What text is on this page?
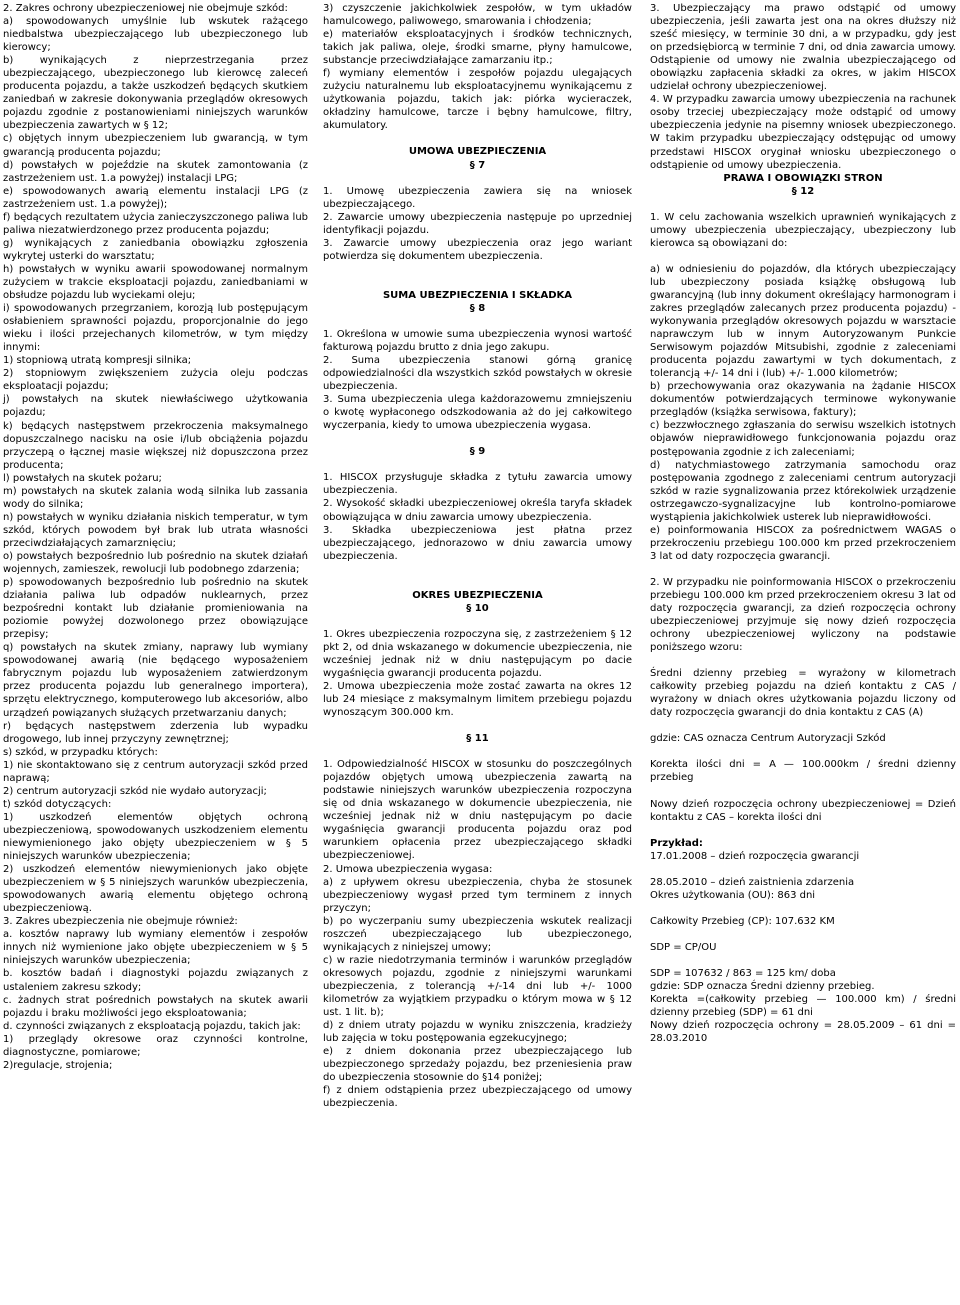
2. Zakres ochrony ubezpieczeniowej nie obejmuje szkód:

a) spowodowanych umyślnie lub wskutek rażącego niedbalstwa ubezpieczającego lub ubezpieczonego lub kierowcy;

b) wynikających z nieprzestrzegania przez ubezpieczającego, ubezpieczonego lub kierowcę zaleceń producenta pojazdu, a także uszkodzeń będących skutkiem zaniedbań w zakresie dokonywania przeglądów okresowych pojazdu zgodnie z postanowieniami niniejszych warunków ubezpieczenia zawartych w § 12;

c) objętych innym ubezpieczeniem lub gwarancją, w tym gwarancją producenta pojazdu;

d) powstałych w pojeździe na skutek zamontowania (z zastrzeżeniem ust. 1.a powyżej) instalacji LPG;

e) spowodowanych awarią elementu instalacji LPG (z zastrzeżeniem ust. 1.a powyżej);

f) będących rezultatem użycia zanieczyszczonego paliwa lub paliwa niezatwierdzonego przez producenta pojazdu;

g) wynikających z zaniedbania obowiązku zgłoszenia wykrytej usterki do warsztatu;

h) powstałych w wyniku awarii spowodowanej normalnym zużyciem w trakcie eksploatacji pojazdu, zaniedbaniami w obsłudze pojazdu lub wyciekami oleju;

i) spowodowanych przegrzaniem, korozją lub postępującym osłabieniem sprawności pojazdu, proporcjonalnie do jego wieku i ilości przejechanych kilometrów, w tym między innymi:

1) stopniową utratą kompresji silnika;

2) stopniowym zwiększeniem zużycia oleju podczas eksploatacji pojazdu;

j) powstałych na skutek niewłaściwego użytkowania pojazdu;

k) będących następstwem przekroczenia maksymalnego dopuszczalnego nacisku na osie i/lub obciążenia pojazdu przyczepą o łącznej masie większej niż dopuszczona przez producenta;

l) powstałych na skutek pożaru;

m) powstałych na skutek zalania wodą silnika lub zassania wody do silnika;

n) powstałych w wyniku działania niskich temperatur, w tym szkód, których powodem był brak lub utrata własności przeciwdziałających zamarznięciu;

o) powstałych bezpośrednio lub pośrednio na skutek działań wojennych, zamieszek, rewolucji lub podobnego zdarzenia;

p) spowodowanych bezpośrednio lub pośrednio na skutek działania paliwa lub odpadów nuklearnych, przez bezpośredni kontakt lub działanie promieniowania na poziomie powyżej dozwolonego przez obowiązujące przepisy;

q) powstałych na skutek zmiany, naprawy lub wymiany spowodowanej awarią (nie będącego wyposażeniem fabrycznym pojazdu lub wyposażeniem zatwierdzonym przez producenta pojazdu lub generalnego importera), sprzętu elektrycznego, komputerowego lub akcesoriów, albo urządzeń powiązanych służących przetwarzaniu danych;

r) będących następstwem zderzenia lub wypadku drogowego, lub innej przyczyny zewnętrznej;

s) szkód, w przypadku których:

1) nie skontaktowano się z centrum autoryzacji szkód przed naprawą;

2) centrum autoryzacji szkód nie wydało autoryzacji;

t) szkód dotyczących:

1) uszkodzeń elementów objętych ochroną ubezpieczeniową, spowodowanych uszkodzeniem elementu niewymienionego jako objęty ubezpieczeniem w § 5 niniejszych warunków ubezpieczenia;

2) uszkodzeń elementów niewymienionych jako objęte ubezpieczeniem w § 5 niniejszych warunków ubezpieczenia, spowodowanych awarią elementu objętego ochroną ubezpieczeniową.

3. Zakres ubezpieczenia nie obejmuje również:

a. kosztów naprawy lub wymiany elementów i zespołów innych niż wymienione jako objęte ubezpieczeniem w § 5 niniejszych warunków ubezpieczenia;

b. kosztów badań i diagnostyki pojazdu związanych z ustaleniem zakresu szkody;

c. żadnych strat pośrednich powstałych na skutek awarii pojazdu i braku możliwości jego eksploatowania;

d. czynności związanych z eksploatacją pojazdu, takich jak:

1) przeglądy okresowe oraz czynności kontrolne, diagnostyczne, pomiarowe;

2)regulacje, strojenia;

3) czyszczenie jakichkolwiek zespołów, w tym układów hamulcowego, paliwowego, smarowania i chłodzenia;

e) materiałów eksploatacyjnych i środków technicznych, takich jak paliwa, oleje, środki smarne, płyny hamulcowe, substancje przeciwdziałające zamarzaniu itp.;

f) wymiany elementów i zespołów pojazdu ulegających zużyciu naturalnemu lub eksploatacyjnemu wynikającemu z użytkowania pojazdu, takich jak: piórka wycieraczek, okładziny hamulcowe, tarcze i bębny hamulcowe, filtry, akumulatory.

UMOWA UBEZPIECZENIA

§ 7

1. Umowę ubezpieczenia zawiera się na wniosek ubezpieczającego.

2. Zawarcie umowy ubezpieczenia następuje po uprzedniej identyfikacji pojazdu.

3. Zawarcie umowy ubezpieczenia oraz jego wariant potwierdza się dokumentem ubezpieczenia.

SUMA UBEZPIECZENIA I SKŁADKA

§ 8

1. Określona w umowie suma ubezpieczenia wynosi wartość fakturową pojazdu brutto z dnia jego zakupu.

2. Suma ubezpieczenia stanowi górną granicę odpowiedzialności dla wszystkich szkód powstałych w okresie ubezpieczenia.

3. Suma ubezpieczenia ulega każdorazowemu zmniejszeniu o kwotę wypłaconego odszkodowania aż do jej całkowitego wyczerpania, kiedy to umowa ubezpieczenia wygasa.

§ 9

1. HISCOX przysługuje składka z tytułu zawarcia umowy ubezpieczenia.

2. Wysokość składki ubezpieczeniowej określa taryfa składek obowiązująca w dniu zawarcia umowy ubezpieczenia.

3. Składka ubezpieczeniowa jest płatna przez ubezpieczającego, jednorazowo w dniu zawarcia umowy ubezpieczenia.

OKRES UBEZPIECZENIA

§ 10

1. Okres ubezpieczenia rozpoczyna się, z zastrzeżeniem § 12 pkt 2, od dnia wskazanego w dokumencie ubezpieczenia, nie wcześniej jednak niż w dniu następującym po dacie wygaśnięcia gwarancji producenta pojazdu.

2. Umowa ubezpieczenia może zostać zawarta na okres 12 lub 24 miesiące z maksymalnym limitem przebiegu pojazdu wynoszącym 300.000 km.

§ 11

1. Odpowiedzialność HISCOX w stosunku do poszczególnych pojazdów objętych umową ubezpieczenia zawartą na podstawie niniejszych warunków ubezpieczenia rozpoczyna się od dnia wskazanego w dokumencie ubezpieczenia, nie wcześniej jednak niż w dniu następującym po dacie wygaśnięcia gwarancji producenta pojazdu oraz pod warunkiem opłacenia przez ubezpieczającego składki ubezpieczeniowej.

2. Umowa ubezpieczenia wygasa:

a) z upływem okresu ubezpieczenia, chyba że stosunek ubezpieczeniowy wygasł przed tym terminem z innych przyczyn;

b) po wyczerpaniu sumy ubezpieczenia wskutek realizacji roszczeń ubezpieczającego lub ubezpieczonego, wynikających z niniejszej umowy;

c) w razie niedotrzymania terminów i warunków przeglądów okresowych pojazdu, zgodnie z niniejszymi warunkami ubezpieczenia, z tolerancją +/-14 dni lub +/- 1000 kilometrów za wyjątkiem przypadku o którym mowa w § 12 ust. 1 lit. b);

d) z dniem utraty pojazdu w wyniku zniszczenia, kradzieży lub zajęcia w toku postępowania egzekucyjnego;

e) z dniem dokonania przez ubezpieczającego lub ubezpieczonego sprzedaży pojazdu, bez przeniesienia praw do ubezpieczenia stosownie do §14 poniżej;

f) z dniem odstąpienia przez ubezpieczającego od umowy ubezpieczenia.

3. Ubezpieczający ma prawo odstąpić od umowy ubezpieczenia, jeśli zawarta jest ona na okres dłuższy niż sześć miesięcy, w terminie 30 dni, a w przypadku, gdy jest on przedsiębiorcą w terminie 7 dni, od dnia zawarcia umowy. Odstąpienie od umowy nie zwalnia ubezpieczającego od obowiązku zapłacenia składki za okres, w jakim HISCOX udzielał ochrony ubezpieczeniowej.

4. W przypadku zawarcia umowy ubezpieczenia na rachunek osoby trzeciej ubezpieczający może odstąpić od umowy ubezpieczenia jedynie na pisemny wniosek ubezpieczonego. W takim przypadku ubezpieczający odstępując od umowy przedstawi HISCOX oryginał wniosku ubezpieczonego o odstąpienie od umowy ubezpieczenia.

PRAWA I OBOWIĄZKI STRON

§ 12

1. W celu zachowania wszelkich uprawnień wynikających z umowy ubezpieczenia ubezpieczający, ubezpieczony lub kierowca są obowiązani do:

a) w odniesieniu do pojazdów, dla których ubezpieczający lub ubezpieczony posiada książkę obsługową lub gwarancyjną (lub inny dokument określający harmonogram i zakres przeglądów zalecanych przez producenta pojazdu) - wykonywania przeglądów okresowych pojazdu w warsztacie naprawczym lub w innym Autoryzowanym Punkcie Serwisowym pojazdów Mitsubishi, zgodnie z zaleceniami producenta pojazdu zawartymi w tych dokumentach, z tolerancją +/- 14 dni i (lub) +/- 1.000 kilometrów;

b) przechowywania oraz okazywania na żądanie HISCOX dokumentów potwierdzających terminowe wykonywanie przeglądów (książka serwisowa, faktury);

c) bezzwłocznego zgłaszania do serwisu wszelkich istotnych objawów nieprawidłowego funkcjonowania pojazdu oraz postępowania zgodnie z ich zaleceniami;

d) natychmiastowego zatrzymania samochodu oraz postępowania zgodnego z zaleceniami centrum autoryzacji szkód w razie sygnalizowania przez którekolwiek urządzenie ostrzegawczo-sygnalizacyjne lub kontrolno-pomiarowe wystąpienia jakichkolwiek usterek lub nieprawidłowości.

e) poinformowania HISCOX za pośrednictwem WAGAS o przekroczeniu przebiegu 100.000 km przed przekroczeniem 3 lat od daty rozpoczęcia gwarancji.

2. W przypadku nie poinformowania HISCOX o przekroczeniu przebiegu 100.000 km przed przekroczeniem okresu 3 lat od daty rozpoczęcia gwarancji, za dzień rozpoczęcia ochrony ubezpieczeniowej przyjmuje się nowy dzień rozpoczęcia ochrony ubezpieczeniowej wyliczony na podstawie poniższego wzoru:

Średni dzienny przebieg = wyrażony w kilometrach całkowity przebieg pojazdu na dzień kontaktu z CAS / wyrażony w dniach okres użytkowania pojazdu liczony od daty rozpoczęcia gwarancji do dnia kontaktu z CAS (A)

gdzie: CAS oznacza Centrum Autoryzacji Szkód

Korekta ilości dni = A — 100.000km / średni dzienny przebieg

Nowy dzień rozpoczęcia ochrony ubezpieczeniowej = Dzień kontaktu z CAS – korekta ilości dni

Przykład:

17.01.2008 – dzień rozpoczęcia gwarancji

28.05.2010 – dzień zaistnienia zdarzenia

Okres użytkowania (OU): 863 dni

Całkowity Przebieg (CP): 107.632 KM

SDP = CP/OU

SDP = 107632 / 863 = 125 km/ doba

gdzie: SDP oznacza Średni dzienny przebieg.

Korekta =(całkowity przebieg — 100.000 km) / średni dzienny przebieg (SDP) = 61 dni

Nowy dzień rozpoczęcia ochrony = 28.05.2009 – 61 dni = 28.03.2010
